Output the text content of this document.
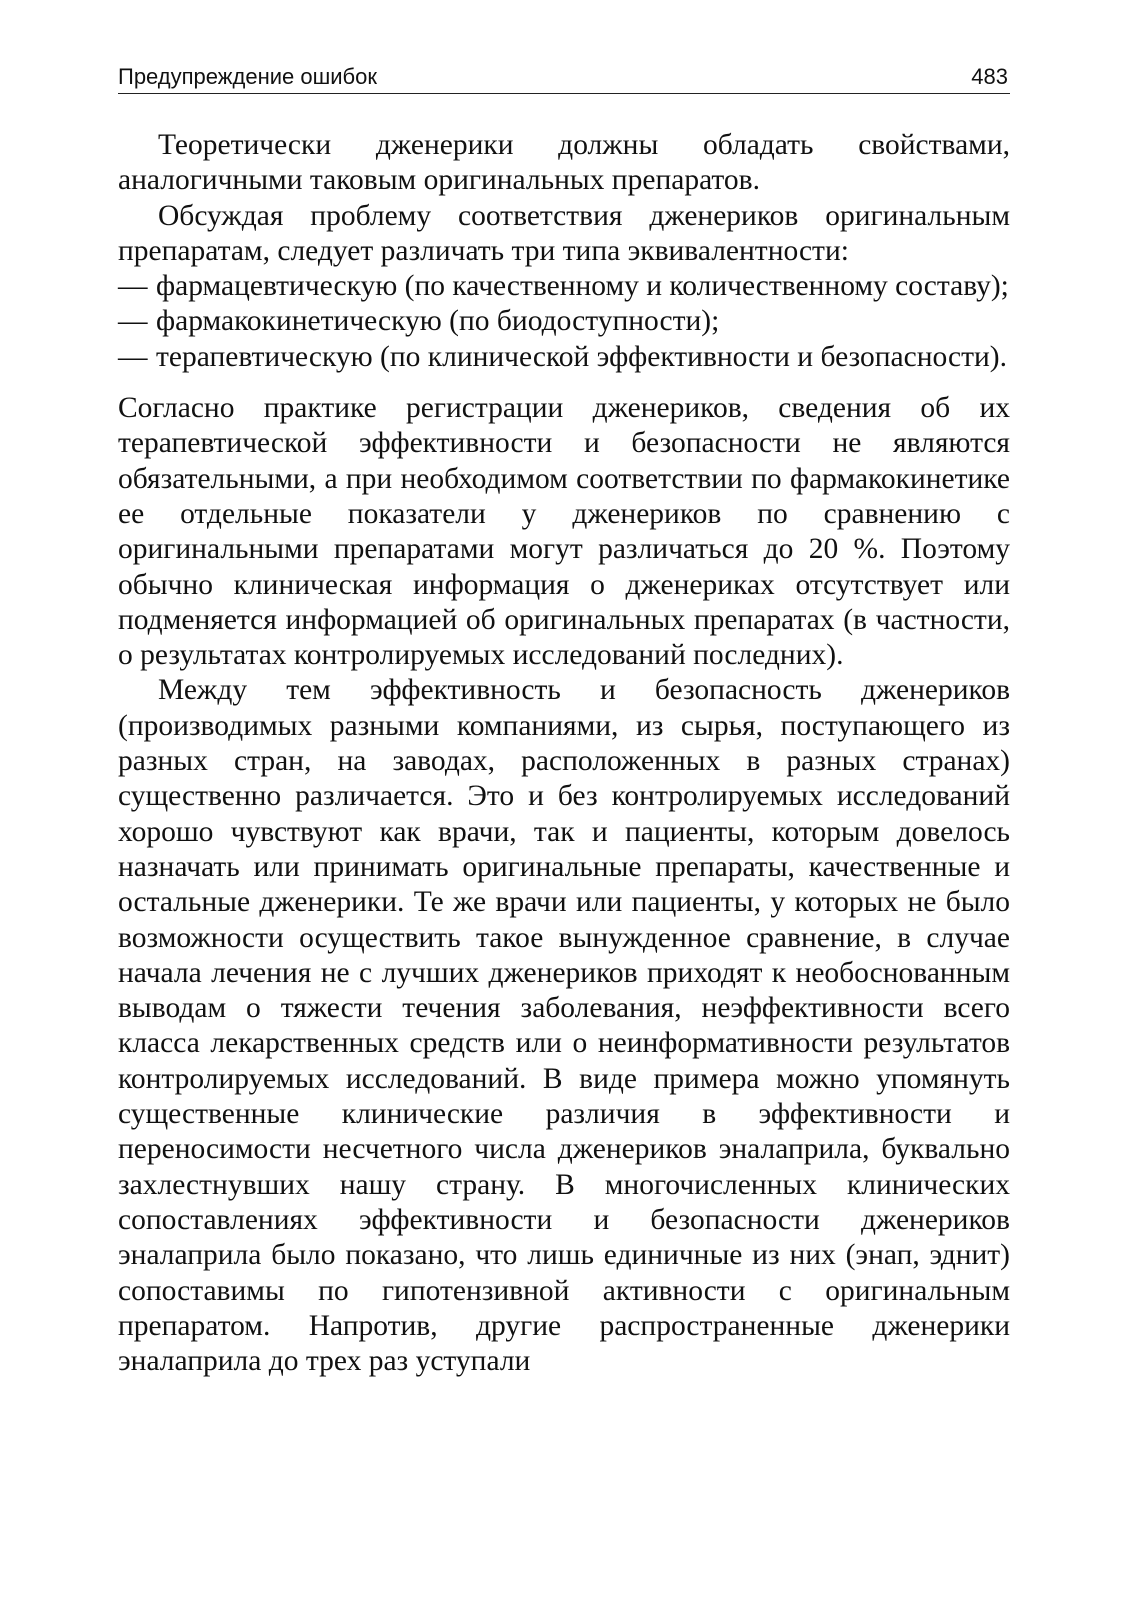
Предупреждение ошибок	483

Теоретически дженерики должны обладать свойствами, аналогичными таковым оригинальных препаратов.

Обсуждая проблему соответствия дженериков оригинальным препаратам, следует различать три типа эквивалентности:

— фармацевтическую (по качественному и количественному составу);
— фармакокинетическую (по биодоступности);
— терапевтическую (по клинической эффективности и безопасности).

Согласно практике регистрации дженериков, сведения об их терапевтической эффективности и безопасности не являются обязательными, а при необходимом соответствии по фармакокинетике ее отдельные показатели у дженериков по сравнению с оригинальными препаратами могут различаться до 20 %. Поэтому обычно клиническая информация о дженериках отсутствует или подменяется информацией об оригинальных препаратах (в частности, о результатах контролируемых исследований последних).

Между тем эффективность и безопасность дженериков (производимых разными компаниями, из сырья, поступающего из разных стран, на заводах, расположенных в разных странах) существенно различается. Это и без контролируемых исследований хорошо чувствуют как врачи, так и пациенты, которым довелось назначать или принимать оригинальные препараты, качественные и остальные дженерики. Те же врачи или пациенты, у которых не было возможности осуществить такое вынужденное сравнение, в случае начала лечения не с лучших дженериков приходят к необоснованным выводам о тяжести течения заболевания, неэффективности всего класса лекарственных средств или о неинформативности результатов контролируемых исследований. В виде примера можно упомянуть существенные клинические различия в эффективности и переносимости несчетного числа дженериков эналаприла, буквально захлестнувших нашу страну. В многочисленных клинических сопоставлениях эффективности и безопасности дженериков эналаприла было показано, что лишь единичные из них (энап, эднит) сопоставимы по гипотензивной активности с оригинальным препаратом. Напротив, другие распространенные дженерики эналаприла до трех раз уступали
